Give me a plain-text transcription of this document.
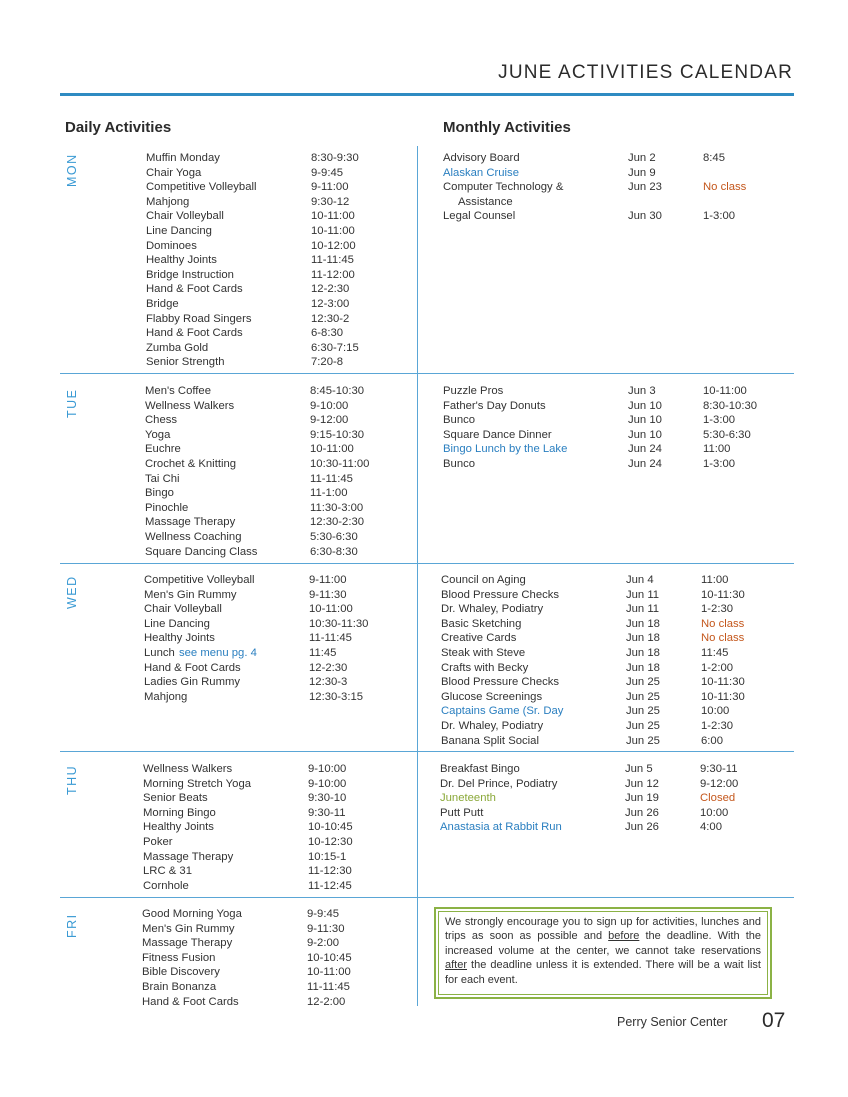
JUNE ACTIVITIES CALENDAR
Daily Activities	Monthly Activities
MON
TUE
WED
THU
FRI
Muffin Monday	8:30-9:30
Chair Yoga	9-9:45
Competitive Volleyball	9-11:00
Mahjong	9:30-12
Chair Volleyball	10-11:00
Line Dancing	10-11:00
Dominoes	10-12:00
Healthy Joints	11-11:45
Bridge Instruction	11-12:00
Hand & Foot Cards	12-2:30
Bridge	12-3:00
Flabby Road Singers	12:30-2
Hand & Foot Cards	6-8:30
Zumba Gold	6:30-7:15
Senior Strength	7:20-8
Advisory Board	Jun 2	8:45
Alaskan Cruise	Jun 9
Computer Technology &	Jun 23	No class
Assistance
Legal Counsel	Jun 30	1-3:00
Men's Coffee	8:45-10:30
Wellness Walkers	9-10:00
Chess	9-12:00
Yoga	9:15-10:30
Euchre	10-11:00
Crochet & Knitting	10:30-11:00
Tai Chi	11-11:45
Bingo	11-1:00
Pinochle	11:30-3:00
Massage Therapy	12:30-2:30
Wellness Coaching	5:30-6:30
Square Dancing Class	6:30-8:30
Puzzle Pros	Jun 3	10-11:00
Father's Day Donuts	Jun 10	8:30-10:30
Bunco	Jun 10	1-3:00
Square Dance Dinner	Jun 10	5:30-6:30
Bingo Lunch by the Lake	Jun 24	11:00
Bunco	Jun 24	1-3:00
Competitive Volleyball	9-11:00
Men's Gin Rummy	9-11:30
Chair Volleyball	10-11:00
Line Dancing	10:30-11:30
Healthy Joints	11-11:45
Lunch see menu pg. 4	11:45
Hand & Foot Cards	12-2:30
Ladies Gin Rummy	12:30-3
Mahjong	12:30-3:15
Council on Aging	Jun 4	11:00
Blood Pressure Checks	Jun 11	10-11:30
Dr. Whaley, Podiatry	Jun 11	1-2:30
Basic Sketching	Jun 18	No class
Creative Cards	Jun 18	No class
Steak with Steve	Jun 18	11:45
Crafts with Becky	Jun 18	1-2:00
Blood Pressure Checks	Jun 25	10-11:30
Glucose Screenings	Jun 25	10-11:30
Captains Game (Sr. Day	Jun 25	10:00
Dr. Whaley, Podiatry	Jun 25	1-2:30
Banana Split Social	Jun 25	6:00
Wellness Walkers	9-10:00
Morning Stretch Yoga	9-10:00
Senior Beats	9:30-10
Morning Bingo	9:30-11
Healthy Joints	10-10:45
Poker	10-12:30
Massage Therapy	10:15-1
LRC & 31	11-12:30
Cornhole	11-12:45
Breakfast Bingo	Jun 5	9:30-11
Dr. Del Prince, Podiatry	Jun 12	9-12:00
Juneteenth	Jun 19	Closed
Putt Putt	Jun 26	10:00
Anastasia at Rabbit Run	Jun 26	4:00
Good Morning Yoga	9-9:45
Men's Gin Rummy	9-11:30
Massage Therapy	9-2:00
Fitness Fusion	10-10:45
Bible Discovery	10-11:00
Brain Bonanza	11-11:45
Hand & Foot Cards	12-2:00
We strongly encourage you to sign up for activities, lunches and trips as soon as possible and before the deadline. With the increased volume at the center, we cannot take reservations after the deadline unless it is extended. There will be a wait list for each event.
Perry Senior Center 07
